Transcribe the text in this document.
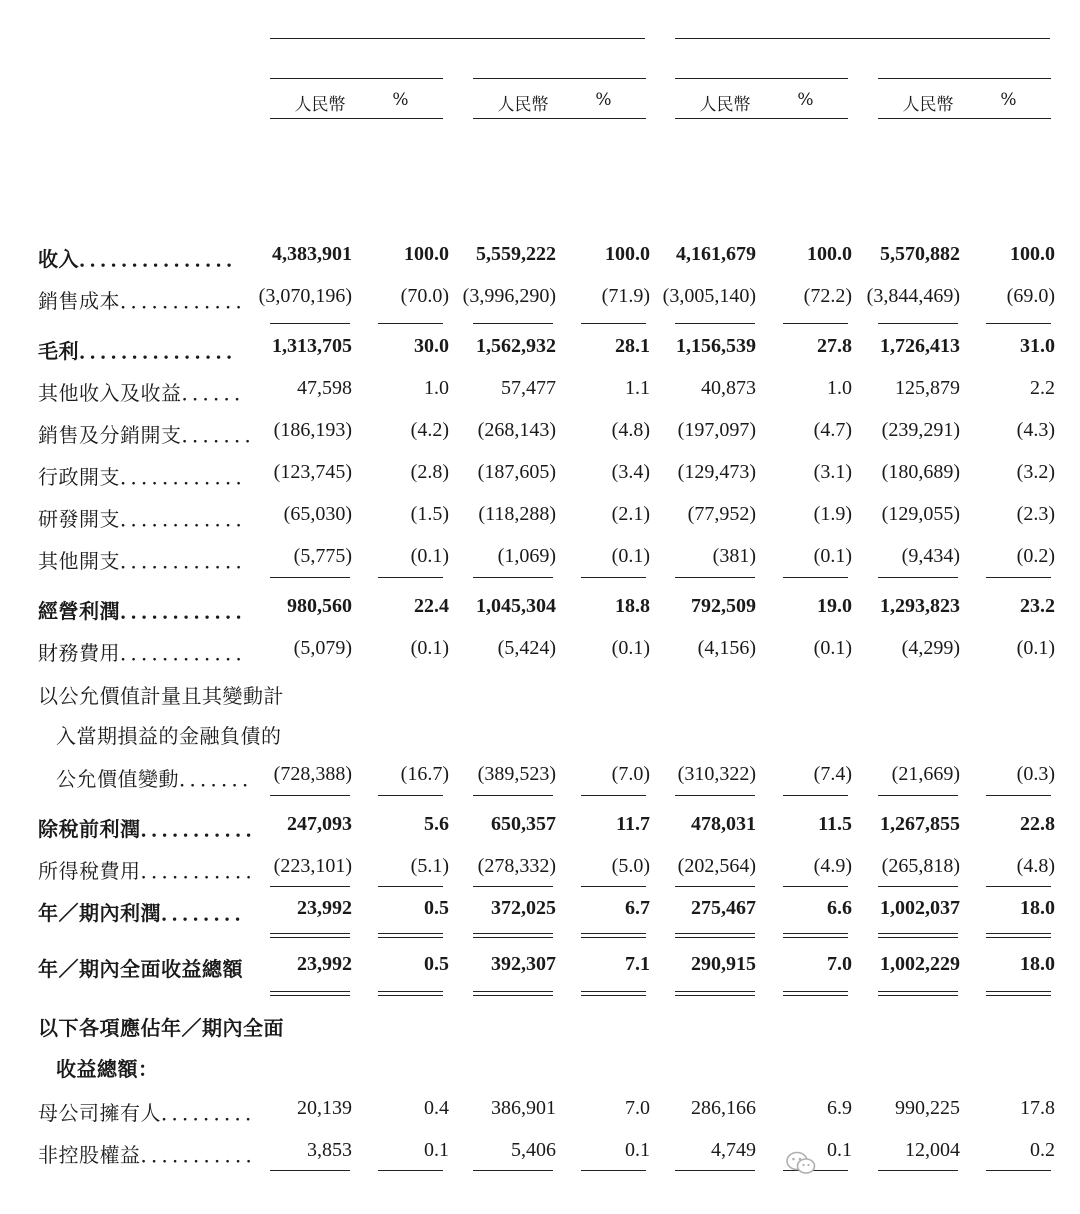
人民幣	%	人民幣	%	人民幣	%	人民幣	%
收入．．．．．．．．．．．．．．．	4,383,901	100.0	5,559,222	100.0	4,161,679	100.0	5,570,882	100.0
銷售成本．．．．．．．．．．．． (3,070,196)	(70.0) (3,996,290)	(71.9) (3,005,140)	(72.2) (3,844,469)	(69.0)
毛利．．．．．．．．．．．．．．．	1,313,705	30.0	1,562,932	28.1	1,156,539	27.8	1,726,413	31.0
其他收入及收益．．．．．．	47,598	1.0	57,477	1.1	40,873	1.0	125,879	2.2
銷售及分銷開支．．．．．．． (186,193)	(4.2)	(268,143)	(4.8)	(197,097)	(4.7)	(239,291)	(4.3)
行政開支．．．．．．．．．．．． (123,745)	(2.8)	(187,605)	(3.4)	(129,473)	(3.1)	(180,689)	(3.2)
研發開支．．．．．．．．．．．．	(65,030)	(1.5)	(118,288)	(2.1)	(77,952)	(1.9)	(129,055)	(2.3)
其他開支．．．．．．．．．．．．	(5,775)	(0.1)	(1,069)	(0.1)	(381)	(0.1)	(9,434)	(0.2)
經營利潤．．．．．．．．．．．．	980,560	22.4	1,045,304	18.8	792,509	19.0	1,293,823	23.2
財務費用．．．．．．．．．．．．	(5,079)	(0.1)	(5,424)	(0.1)	(4,156)	(0.1)	(4,299)	(0.1)
以公允價值計量且其變動計
入當期損益的金融負債的
公允價值變動．．．．．．． (728,388)	(16.7)	(389,523)	(7.0)	(310,322)	(7.4)	(21,669)	(0.3)
除稅前利潤．．．．．．．．．．．	247,093	5.6	650,357	11.7	478,031	11.5	1,267,855	22.8
所得稅費用．．．．．．．．．．． (223,101)	(5.1)	(278,332)	(5.0)	(202,564)	(4.9)	(265,818)	(4.8)
年／期內利潤．．．．．．．．	23,992	0.5	372,025	6.7	275,467	6.6	1,002,037	18.0
年／期內全面收益總額	23,992	0.5	392,307	7.1	290,915	7.0	1,002,229	18.0
以下各項應佔年／期內全面
收益總額：
母公司擁有人．．．．．．．．．	20,139	0.4	386,901	7.0	286,166	6.9	990,225	17.8
非控股權益．．．．．．．．．．．	3,853	0.1	5,406	0.1	4,749	0.1	12,004	0.2
